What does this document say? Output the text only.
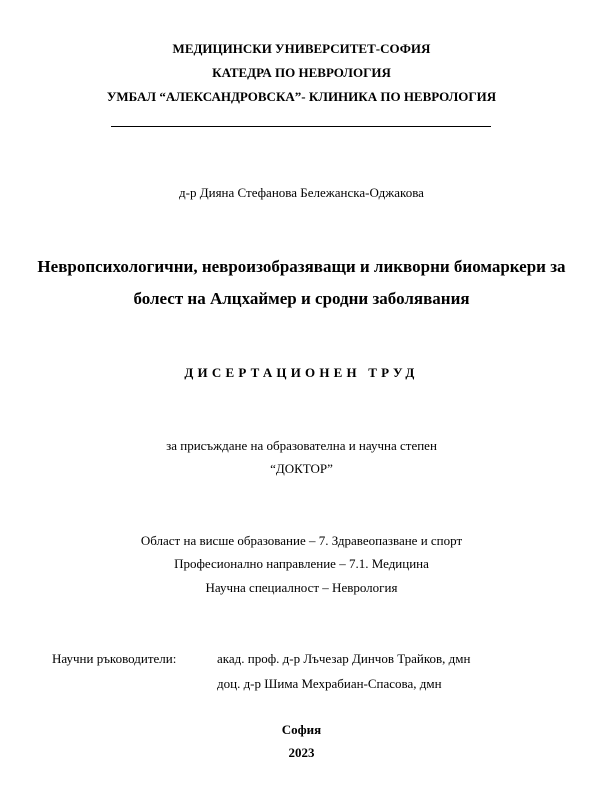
МЕДИЦИНСКИ УНИВЕРСИТЕТ-СОФИЯ
КАТЕДРА ПО НЕВРОЛОГИЯ
УМБАЛ “АЛЕКСАНДРОВСКА”- КЛИНИКА ПО НЕВРОЛОГИЯ
д-р Дияна Стефанова Бележанска-Оджакова
Невропсихологични, невроизобразяващи и ликворни биомаркери за
болест на Алцхаймер и сродни заболявания
ДИСЕРТАЦИОНЕН ТРУД
за присъждане на образователна и научна степен
“ДОКТОР”
Област на висше образование – 7. Здравеопазване и спорт
Професионално направление – 7.1. Медицина
Научна специалност – Неврология
Научни ръководители:	акад. проф. д-р Лъчезар Динчов Трайков, дмн
доц. д-р Шима Мехрабиан-Спасова, дмн
София
2023
